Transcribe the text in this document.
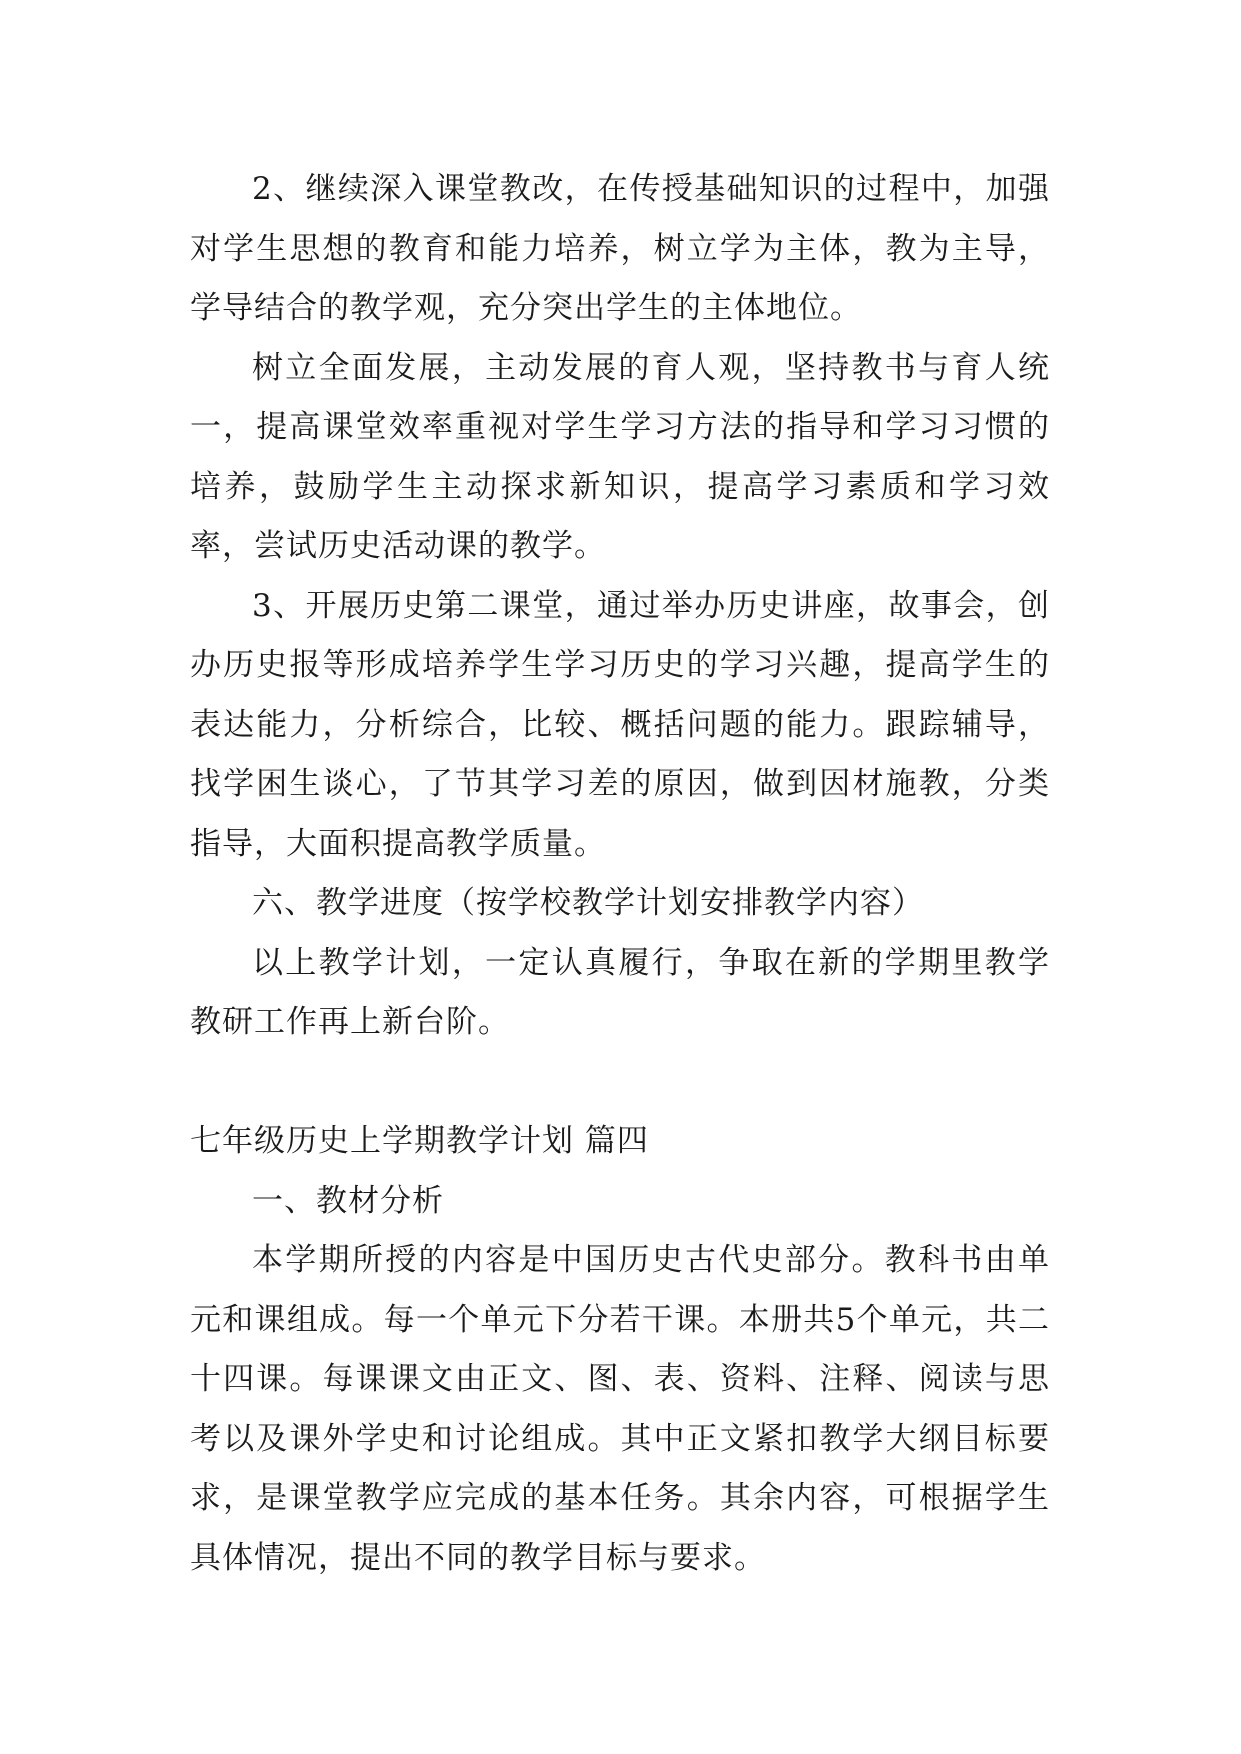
2、继续深入课堂教改，在传授基础知识的过程中，加强对学生思想的教育和能力培养，树立学为主体，教为主导，学导结合的教学观，充分突出学生的主体地位。

树立全面发展，主动发展的育人观，坚持教书与育人统一，提高课堂效率重视对学生学习方法的指导和学习习惯的培养，鼓励学生主动探求新知识，提高学习素质和学习效率，尝试历史活动课的教学。

3、开展历史第二课堂，通过举办历史讲座，故事会，创办历史报等形成培养学生学习历史的学习兴趣，提高学生的表达能力，分析综合，比较、概括问题的能力。跟踪辅导，找学困生谈心，了节其学习差的原因，做到因材施教，分类指导，大面积提高教学质量。

六、教学进度（按学校教学计划安排教学内容）

以上教学计划，一定认真履行，争取在新的学期里教学教研工作再上新台阶。

七年级历史上学期教学计划 篇四

一、教材分析

本学期所授的内容是中国历史古代史部分。教科书由单元和课组成。每一个单元下分若干课。本册共5个单元，共二十四课。每课课文由正文、图、表、资料、注释、阅读与思考以及课外学史和讨论组成。其中正文紧扣教学大纲目标要求，是课堂教学应完成的基本任务。其余内容，可根据学生具体情况，提出不同的教学目标与要求。
